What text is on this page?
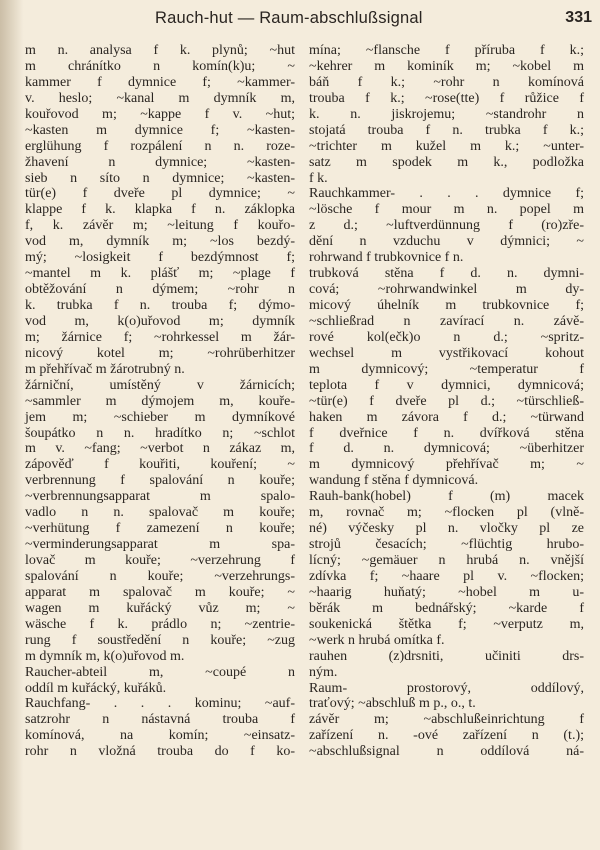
Rauch-hut — Raum-abschlußsignal	331
m n. analysa f k. plynů; ~hut
m chránítko n komín(k)u; ~
kammer f dymnice f; ~kammer-
v. heslo; ~kanal m dymník m,
kouřovod m; ~kappe f v. ~hut;
~kasten m dymnice f; ~kasten-
erglühung f rozpálení n n. roze-
žhavení n dymnice; ~kasten-
sieb n síto n dymnice; ~kasten-
tür(e) f dveře pl dymnice; ~
klappe f k. klapka f n. záklopka
f, k. závěr m; ~leitung f kouřo-
vod m, dymník m; ~los bezdý-
mý; ~losigkeit f bezdýmnost f;
~mantel m k. plášť m; ~plage f
obtěžování n dýmem; ~rohr n
k. trubka f n. trouba f; dýmo-
vod m, k(o)uřovod m; dymník
m; žárnice f; ~rohrkessel m žár-
nicový kotel m; ~rohrüberhitzer
m přehřívač m žárotrubný n.
žárniční, umístěný v žárnicích;
~sammler m dýmojem m, kouře-
jem m; ~schieber m dymníkové
šoupátko n n. hradítko n; ~schlot
m v. ~fang; ~verbot n zákaz m,
zápověď f kouřiti, kouření; ~
verbrennung f spalování n kouře;
~verbrennungsapparat m spalo-
vadlo n n. spalovač m kouře;
~verhütung f zamezení n kouře;
~verminderungsapparat m spa-
lovač m kouře; ~verzehrung f
spalování n kouře; ~verzehrungs-
apparat m spalovač m kouře; ~
wagen m kuřácký vůz m; ~
wäsche f k. prádlo n; ~zentrie-
rung f soustředění n kouře; ~zug
m dymník m, k(o)uřovod m.
Raucher-abteil m, ~coupé n
oddíl m kuřácký, kuřáků.
Rauchfang- . . . kominu; ~auf-
satzrohr n nástavná trouba f
komínová, na komín; ~einsatz-
rohr n vložná trouba do f ko-
mína; ~flansche f příruba f k.;
~kehrer m kominík m; ~kobel m
báň f k.; ~rohr n komínová
trouba f k.; ~rose(tte) f růžice f
k. n. jiskrojemu; ~standrohr n
stojatá trouba f n. trubka f k.;
~trichter m kužel m k.; ~unter-
satz m spodek m k., podložka
f k.
Rauchkammer- . . . dymnice f;
~lösche f mour m n. popel m
z d.; ~luftverdünnung f (ro)zře-
dění n vzduchu v dýmnici; ~
rohrwand f trubkovnice f n.
trubková stěna f d. n. dymni-
cová; ~rohrwandwinkel m dy-
micový úhelník m trubkovnice f;
~schließrad n zavírací n. závě-
rové kol(ečk)o n d.; ~spritz-
wechsel m vystřikovací kohout
m dymnicový; ~temperatur f
teplota f v dymnici, dymnicová;
~tür(e) f dveře pl d.; ~türschließ-
haken m závora f d.; ~türwand
f dveřnice f n. dvířková stěna
f d. n. dymnicová; ~überhitzer
m dymnicový přehřívač m; ~
wandung f stěna f dymnicová.
Rauh-bank(hobel) f (m) macek
m, rovnač m; ~flocken pl (vlně-
né) výčesky pl n. vločky pl ze
strojů česacích; ~flüchtig hrubo-
lícný; ~gemäuer n hrubá n. vnější
zdívka f; ~haare pl v. ~flocken;
~haarig huňatý; ~hobel m u-
běrák m bednářský; ~karde f
soukenická štětka f; ~verputz m,
~werk n hrubá omítka f.
rauhen (z)drsniti, učiniti drs-
ným.
Raum- prostorový, oddílový,
traťový; ~abschluß m p., o., t.
závěr m; ~abschlußeinrichtung f
zařízení n. -ové zařízení n (t.);
~abschlußsignal n oddílová ná-
